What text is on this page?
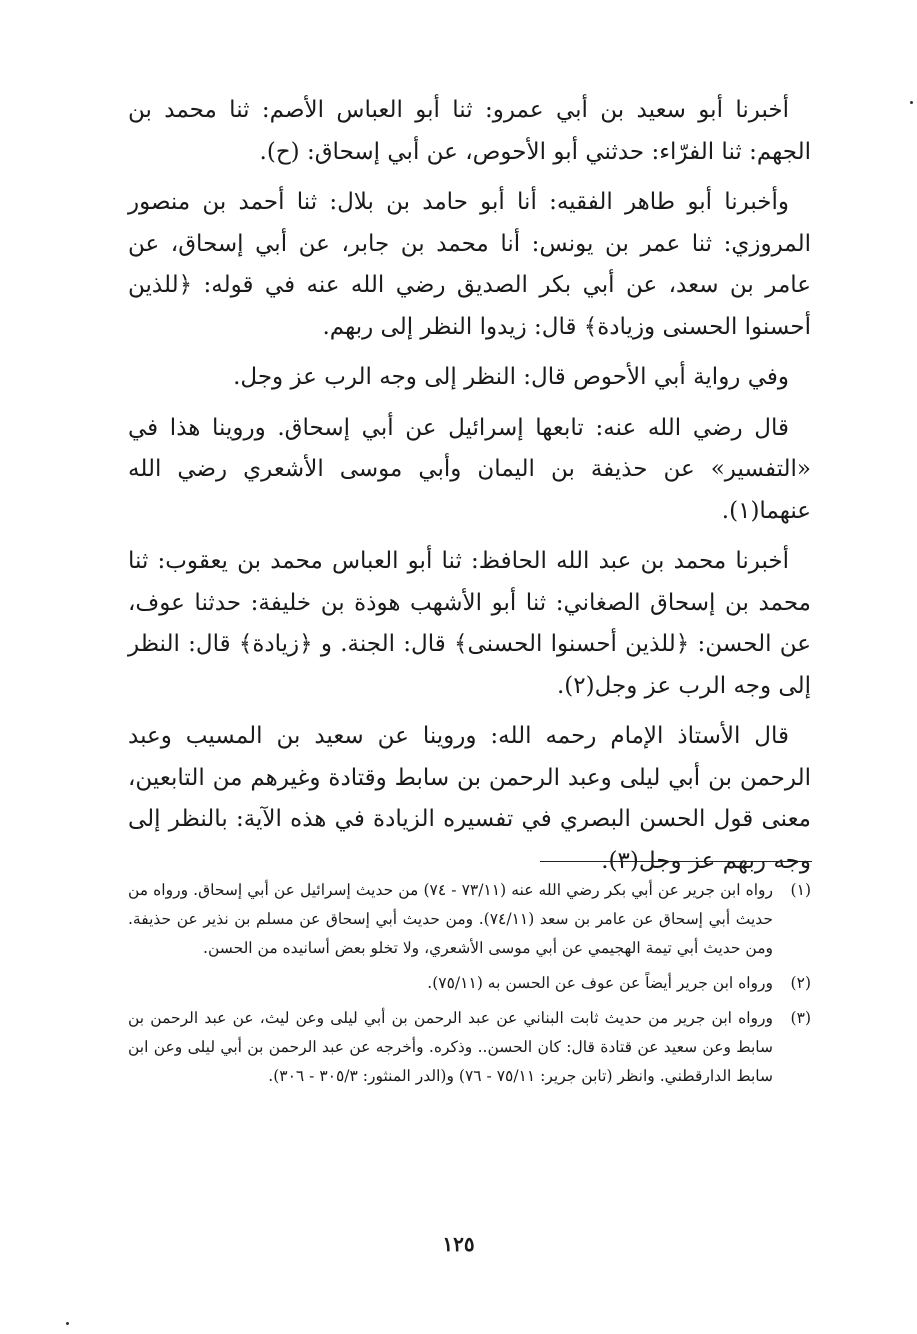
أخبرنا أبو سعيد بن أبي عمرو: ثنا أبو العباس الأصم: ثنا محمد بن الجهم: ثنا الفرّاء: حدثني أبو الأحوص، عن أبي إسحاق: (ح).

وأخبرنا أبو طاهر الفقيه: أنا أبو حامد بن بلال: ثنا أحمد بن منصور المروزي: ثنا عمر بن يونس: أنا محمد بن جابر، عن أبي إسحاق، عن عامر بن سعد، عن أبي بكر الصديق رضي الله عنه في قوله: ﴿للذين أحسنوا الحسنى وزيادة﴾ قال: زيدوا النظر إلى ربهم.

وفي رواية أبي الأحوص قال: النظر إلى وجه الرب عز وجل.

قال رضي الله عنه: تابعها إسرائيل عن أبي إسحاق. وروينا هذا في «التفسير» عن حذيفة بن اليمان وأبي موسى الأشعري رضي الله عنهما(١).

أخبرنا محمد بن عبد الله الحافظ: ثنا أبو العباس محمد بن يعقوب: ثنا محمد بن إسحاق الصغاني: ثنا أبو الأشهب هوذة بن خليفة: حدثنا عوف، عن الحسن: ﴿للذين أحسنوا الحسنى﴾ قال: الجنة. و ﴿زيادة﴾ قال: النظر إلى وجه الرب عز وجل(٢).

قال الأستاذ الإمام رحمه الله: وروينا عن سعيد بن المسيب وعبد الرحمن بن أبي ليلى وعبد الرحمن بن سابط وقتادة وغيرهم من التابعين، معنى قول الحسن البصري في تفسيره الزيادة في هذه الآية: بالنظر إلى وجه ربهم عز وجل(٣).

(١)
رواه ابن جرير عن أبي بكر رضي الله عنه (٧٣/١١ - ٧٤) من حديث إسرائيل عن أبي إسحاق. ورواه من حديث أبي إسحاق عن عامر بن سعد (٧٤/١١). ومن حديث أبي إسحاق عن مسلم بن نذير عن حذيفة. ومن حديث أبي تيمة الهجيمي عن أبي موسى الأشعري، ولا تخلو بعض أسانيده من الحسن.
(٢)
ورواه ابن جرير أيضاً عن عوف عن الحسن به (٧٥/١١).
(٣)
ورواه ابن جرير من حديث ثابت البناني عن عبد الرحمن بن أبي ليلى وعن ليث، عن عبد الرحمن بن سابط وعن سعيد عن قتادة قال: كان الحسن.. وذكره. وأخرجه عن عبد الرحمن بن أبي ليلى وعن ابن سابط الدارقطني. وانظر (تابن جرير: ٧٥/١١ - ٧٦) و(الدر المنثور: ٣٠٥/٣ - ٣٠٦).
١٢٥
